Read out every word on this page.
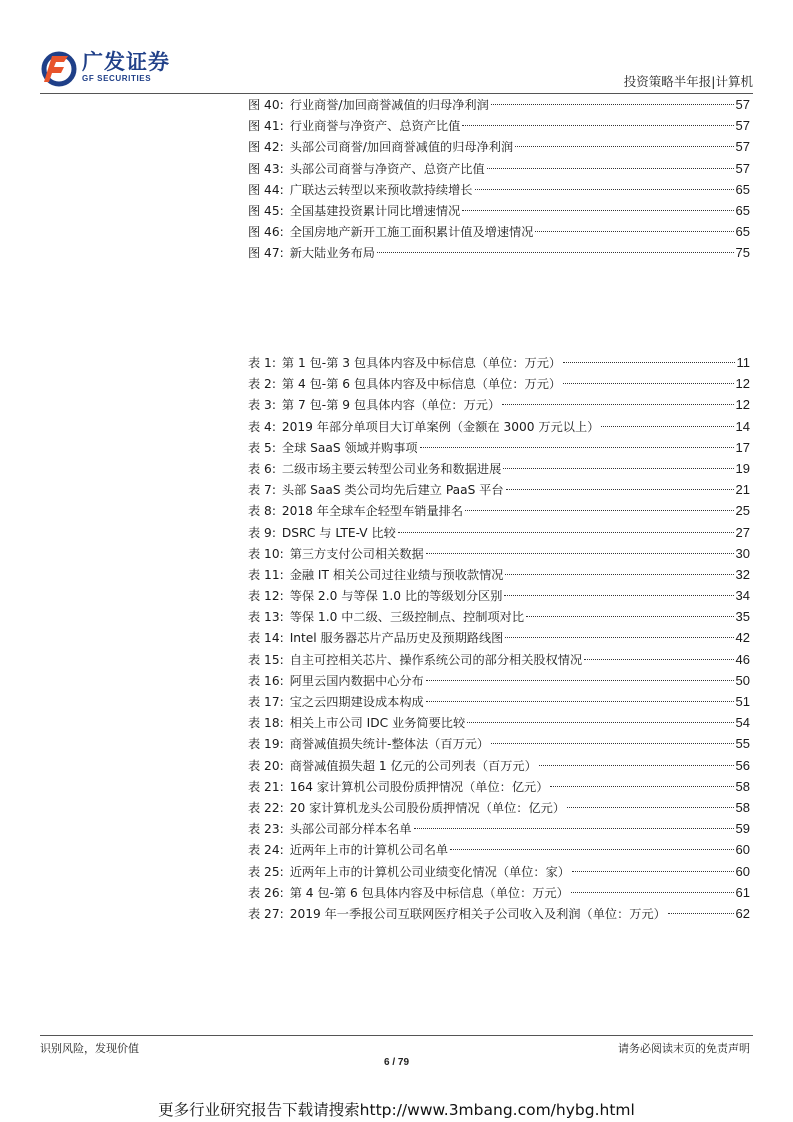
广发证券
GF SECURITIES	投资策略半年报|计算机
图 40: 行业商誉/加回商誉减值的归母净利润	57
图 41: 行业商誉与净资产、总资产比值	57
图 42: 头部公司商誉/加回商誉减值的归母净利润	57
图 43: 头部公司商誉与净资产、总资产比值	57
图 44: 广联达云转型以来预收款持续增长	65
图 45: 全国基建投资累计同比增速情况	65
图 46: 全国房地产新开工施工面积累计值及增速情况	65
图 47: 新大陆业务布局	75
表 1: 第 1 包-第 3 包具体内容及中标信息（单位：万元）	11
表 2: 第 4 包-第 6 包具体内容及中标信息（单位：万元）	12
表 3: 第 7 包-第 9 包具体内容（单位：万元）	12
表 4: 2019 年部分单项目大订单案例（金额在 3000 万元以上）	14
表 5: 全球 SaaS 领域并购事项	17
表 6: 二级市场主要云转型公司业务和数据进展	19
表 7: 头部 SaaS 类公司均先后建立 PaaS 平台	21
表 8: 2018 年全球车企轻型车销量排名	25
表 9: DSRC 与 LTE-V 比较	27
表 10: 第三方支付公司相关数据	30
表 11: 金融 IT 相关公司过往业绩与预收款情况	32
表 12: 等保 2.0 与等保 1.0 比的等级划分区别	34
表 13: 等保 1.0 中二级、三级控制点、控制项对比	35
表 14: Intel 服务器芯片产品历史及预期路线图	42
表 15: 自主可控相关芯片、操作系统公司的部分相关股权情况	46
表 16: 阿里云国内数据中心分布	50
表 17: 宝之云四期建设成本构成	51
表 18: 相关上市公司 IDC 业务简要比较	54
表 19: 商誉减值损失统计-整体法（百万元）	55
表 20: 商誉减值损失超 1 亿元的公司列表（百万元）	56
表 21: 164 家计算机公司股份质押情况（单位：亿元）	58
表 22: 20 家计算机龙头公司股份质押情况（单位：亿元）	58
表 23: 头部公司部分样本名单	59
表 24: 近两年上市的计算机公司名单	60
表 25: 近两年上市的计算机公司业绩变化情况（单位：家）	60
表 26: 第 4 包-第 6 包具体内容及中标信息（单位：万元）	61
表 27: 2019 年一季报公司互联网医疗相关子公司收入及利润（单位：万元）	62
识别风险，发现价值	请务必阅读末页的免责声明
6 / 79
更多行业研究报告下载请搜索http://www.3mbang.com/hybg.html
